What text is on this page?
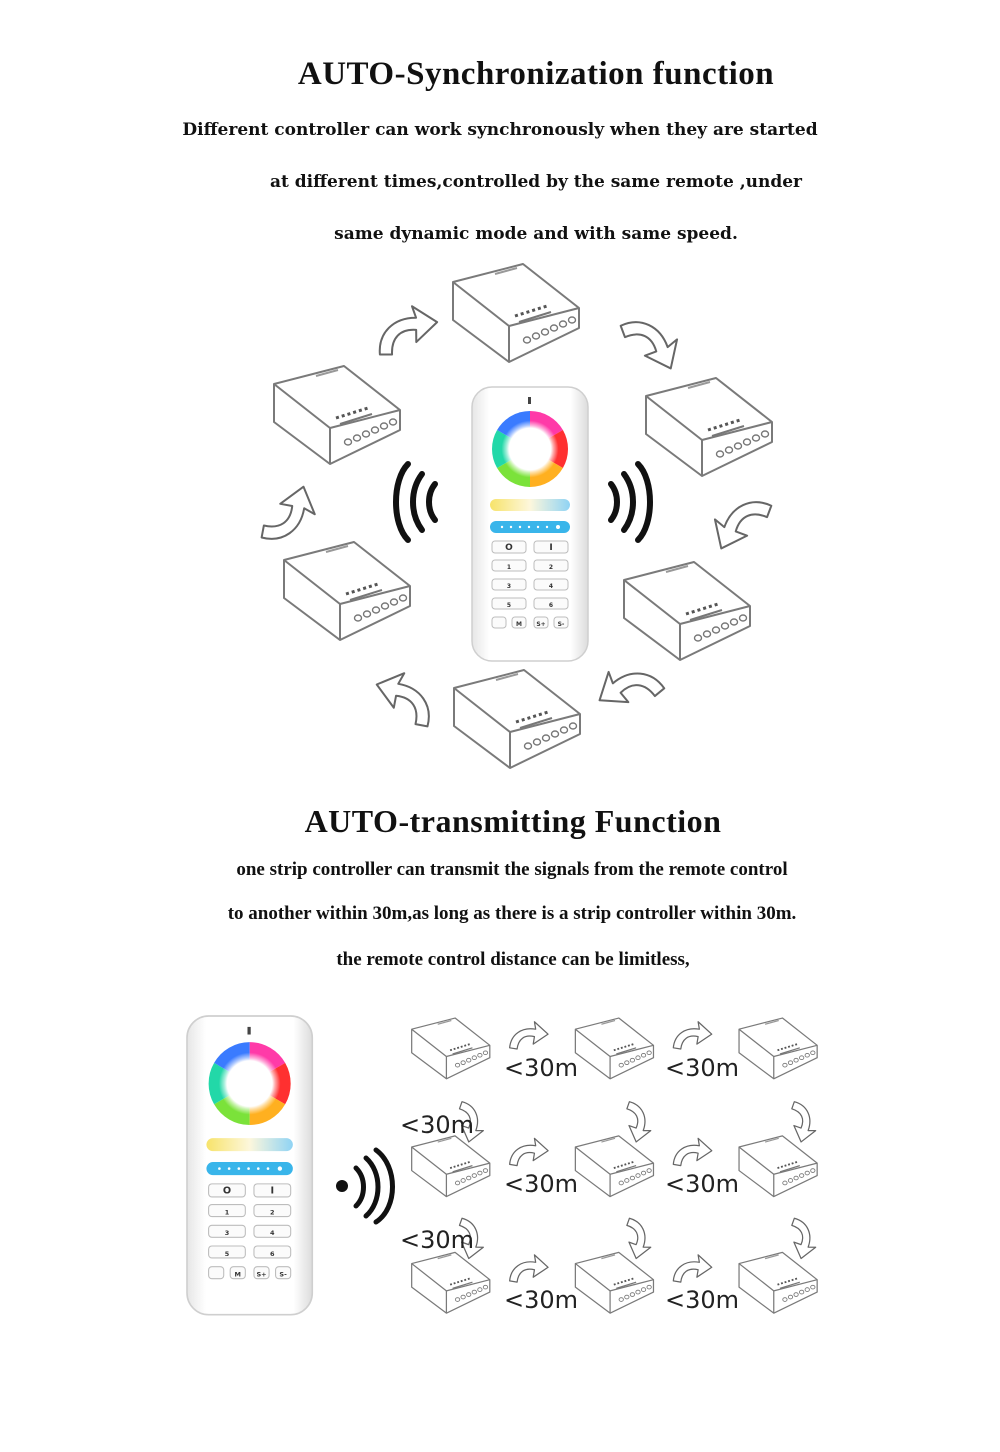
AUTO-Synchronization function
Different controller can work synchronously when they are started
at different times,controlled by the same remote ,under
same dynamic mode and with same speed.
AUTO-transmitting Function
one strip controller can transmit the signals from the remote control
to another within 30m,as long as there is a strip controller within 30m.
the remote control distance can be limitless,
O	I
1	2
3	4
5	6
M S+ S-
<30m	<30m
<30m
<30m	<30m
<30m
<30m	<30m
O	I
1	2
3	4
5	6
M	S+ S-
